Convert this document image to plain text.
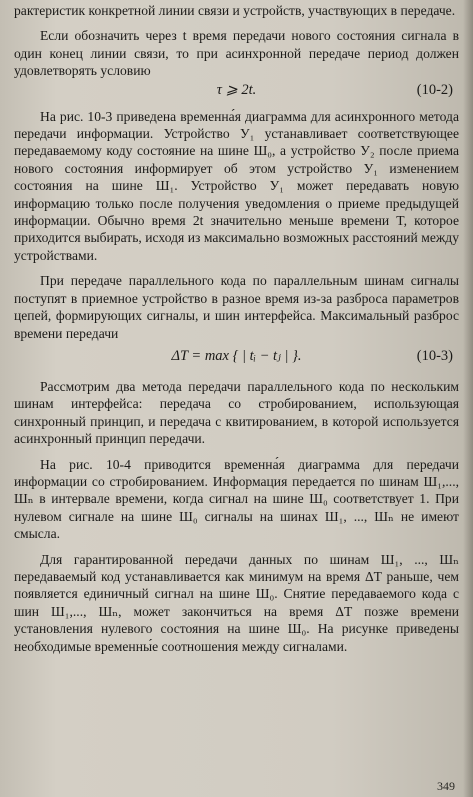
рактеристик конкретной линии связи и устройств, участвующих в передаче.

Если обозначить через t время передачи нового состояния сигнала в один конец линии связи, то при асинхронной передаче период должен удовлетворять условию

τ ⩾ 2t.	(10-2)

На рис. 10-3 приведена временна́я диаграмма для асинхронного метода передачи информации. Устройство У₁ устанавливает соответствующее передаваемому коду состояние на шине Ш₀, а устройство У₂ после приема нового состояния информирует об этом устройство У₁ изменением состояния на шине Ш₁. Устройство У₁ может передавать новую информацию только после получения уведомления о приеме предыдущей информации. Обычно время 2t значительно меньше времени T, которое приходится выбирать, исходя из максимально возможных расстояний между устройствами.

При передаче параллельного кода по параллельным шинам сигналы поступят в приемное устройство в разное время из-за разброса параметров цепей, формирующих сигналы, и шин интерфейса. Максимальный разброс времени передачи

ΔT = max { | tᵢ − tⱼ | }.	(10-3)

Рассмотрим два метода передачи параллельного кода по нескольким шинам интерфейса: передача со стробированием, использующая синхронный принцип, и передача с квитированием, в которой используется асинхронный принцип передачи.

На рис. 10-4 приводится временна́я диаграмма для передачи информации со стробированием. Информация передается по шинам Ш₁,..., Шₙ в интервале времени, когда сигнал на шине Ш₀ соответствует 1. При нулевом сигнале на шине Ш₀ сигналы на шинах Ш₁, ..., Шₙ не имеют смысла.

Для гарантированной передачи данных по шинам Ш₁, ..., Шₙ передаваемый код устанавливается как минимум на время ΔT раньше, чем появляется единичный сигнал на шине Ш₀. Снятие передаваемого кода с шин Ш₁,..., Шₙ, может закончиться на время ΔT позже времени установления нулевого состояния на шине Ш₀. На рисунке приведены необходимые временны́е соотношения между сигналами.

349
